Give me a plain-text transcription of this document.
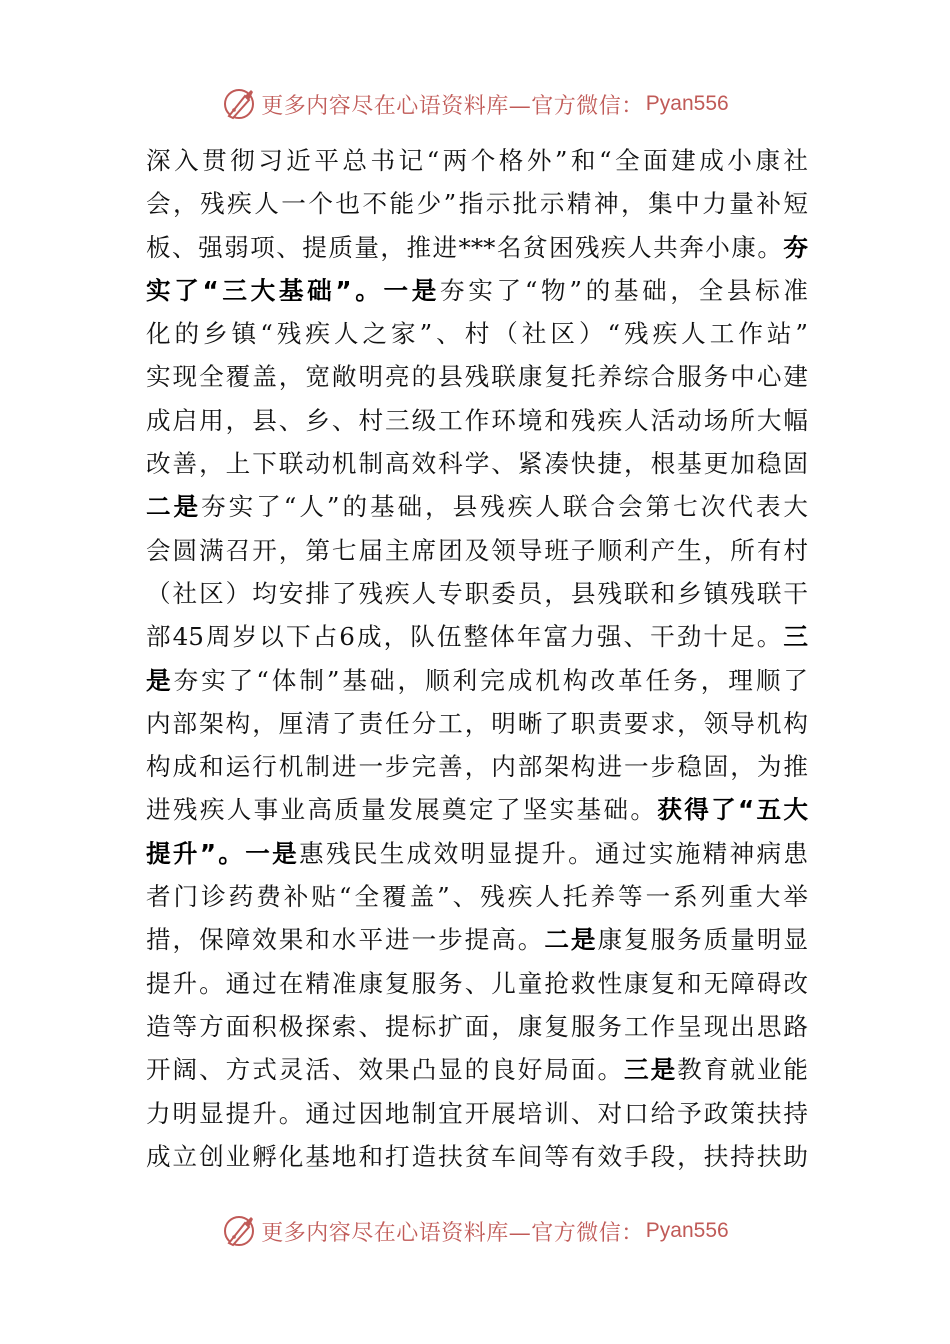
更多内容尽在心语资料库—官方微信： Pyan556
深入贯彻习近平总书记“两个格外”和“全面建成小康社
会，残疾人一个也不能少”指示批示精神，集中力量补短
板、强弱项、提质量，推进***名贫困残疾人共奔小康。夯
实了“三大基础”。一是夯实了“物”的基础，全县标准
化的乡镇“残疾人之家”、村（社区）“残疾人工作站”
实现全覆盖，宽敞明亮的县残联康复托养综合服务中心建
成启用，县、乡、村三级工作环境和残疾人活动场所大幅
改善，上下联动机制高效科学、紧凑快捷，根基更加稳固
二是夯实了“人”的基础，县残疾人联合会第七次代表大
会圆满召开，第七届主席团及领导班子顺利产生，所有村
（社区）均安排了残疾人专职委员，县残联和乡镇残联干
部45周岁以下占6成，队伍整体年富力强、干劲十足。三
是夯实了“体制”基础，顺利完成机构改革任务，理顺了
内部架构，厘清了责任分工，明晰了职责要求，领导机构
构成和运行机制进一步完善，内部架构进一步稳固，为推
进残疾人事业高质量发展奠定了坚实基础。获得了“五大
提升”。一是惠残民生成效明显提升。通过实施精神病患
者门诊药费补贴“全覆盖”、残疾人托养等一系列重大举
措，保障效果和水平进一步提高。二是康复服务质量明显
提升。通过在精准康复服务、儿童抢救性康复和无障碍改
造等方面积极探索、提标扩面，康复服务工作呈现出思路
开阔、方式灵活、效果凸显的良好局面。三是教育就业能
力明显提升。通过因地制宜开展培训、对口给予政策扶持
成立创业孵化基地和打造扶贫车间等有效手段，扶持扶助
更多内容尽在心语资料库—官方微信： Pyan556
